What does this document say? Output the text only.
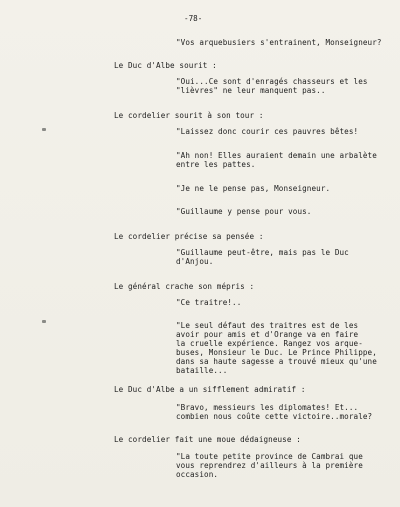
-78-
"Vos arquebusiers s'entrainent, Monseigneur?
Le Duc d'Albe sourit :
"Oui...Ce sont d'enragés chasseurs et les
"lièvres" ne leur manquent pas..
Le cordelier sourit à son tour :
"Laissez donc courir ces pauvres bêtes!
"Ah non! Elles auraient demain une arbalète
entre les pattes.
"Je ne le pense pas, Monseigneur.
"Guillaume y pense pour vous.
Le cordelier précise sa pensée :
"Guillaume peut-être, mais pas le Duc
d'Anjou.
Le général crache son mépris :
"Ce traitre!..
"Le seul défaut des traitres est de les
avoir pour amis et d'Orange va en faire
la cruelle expérience. Rangez vos arque-
buses, Monsieur le Duc. Le Prince Philippe,
dans sa haute sagesse a trouvé mieux qu'une
bataille...
Le Duc d'Albe a un sifflement admiratif :
"Bravo, messieurs les diplomates! Et...
combien nous coûte cette victoire..morale?
Le cordelier fait une moue dédaigneuse :
"La toute petite province de Cambrai que
vous reprendrez d'ailleurs à la première
occasion.
